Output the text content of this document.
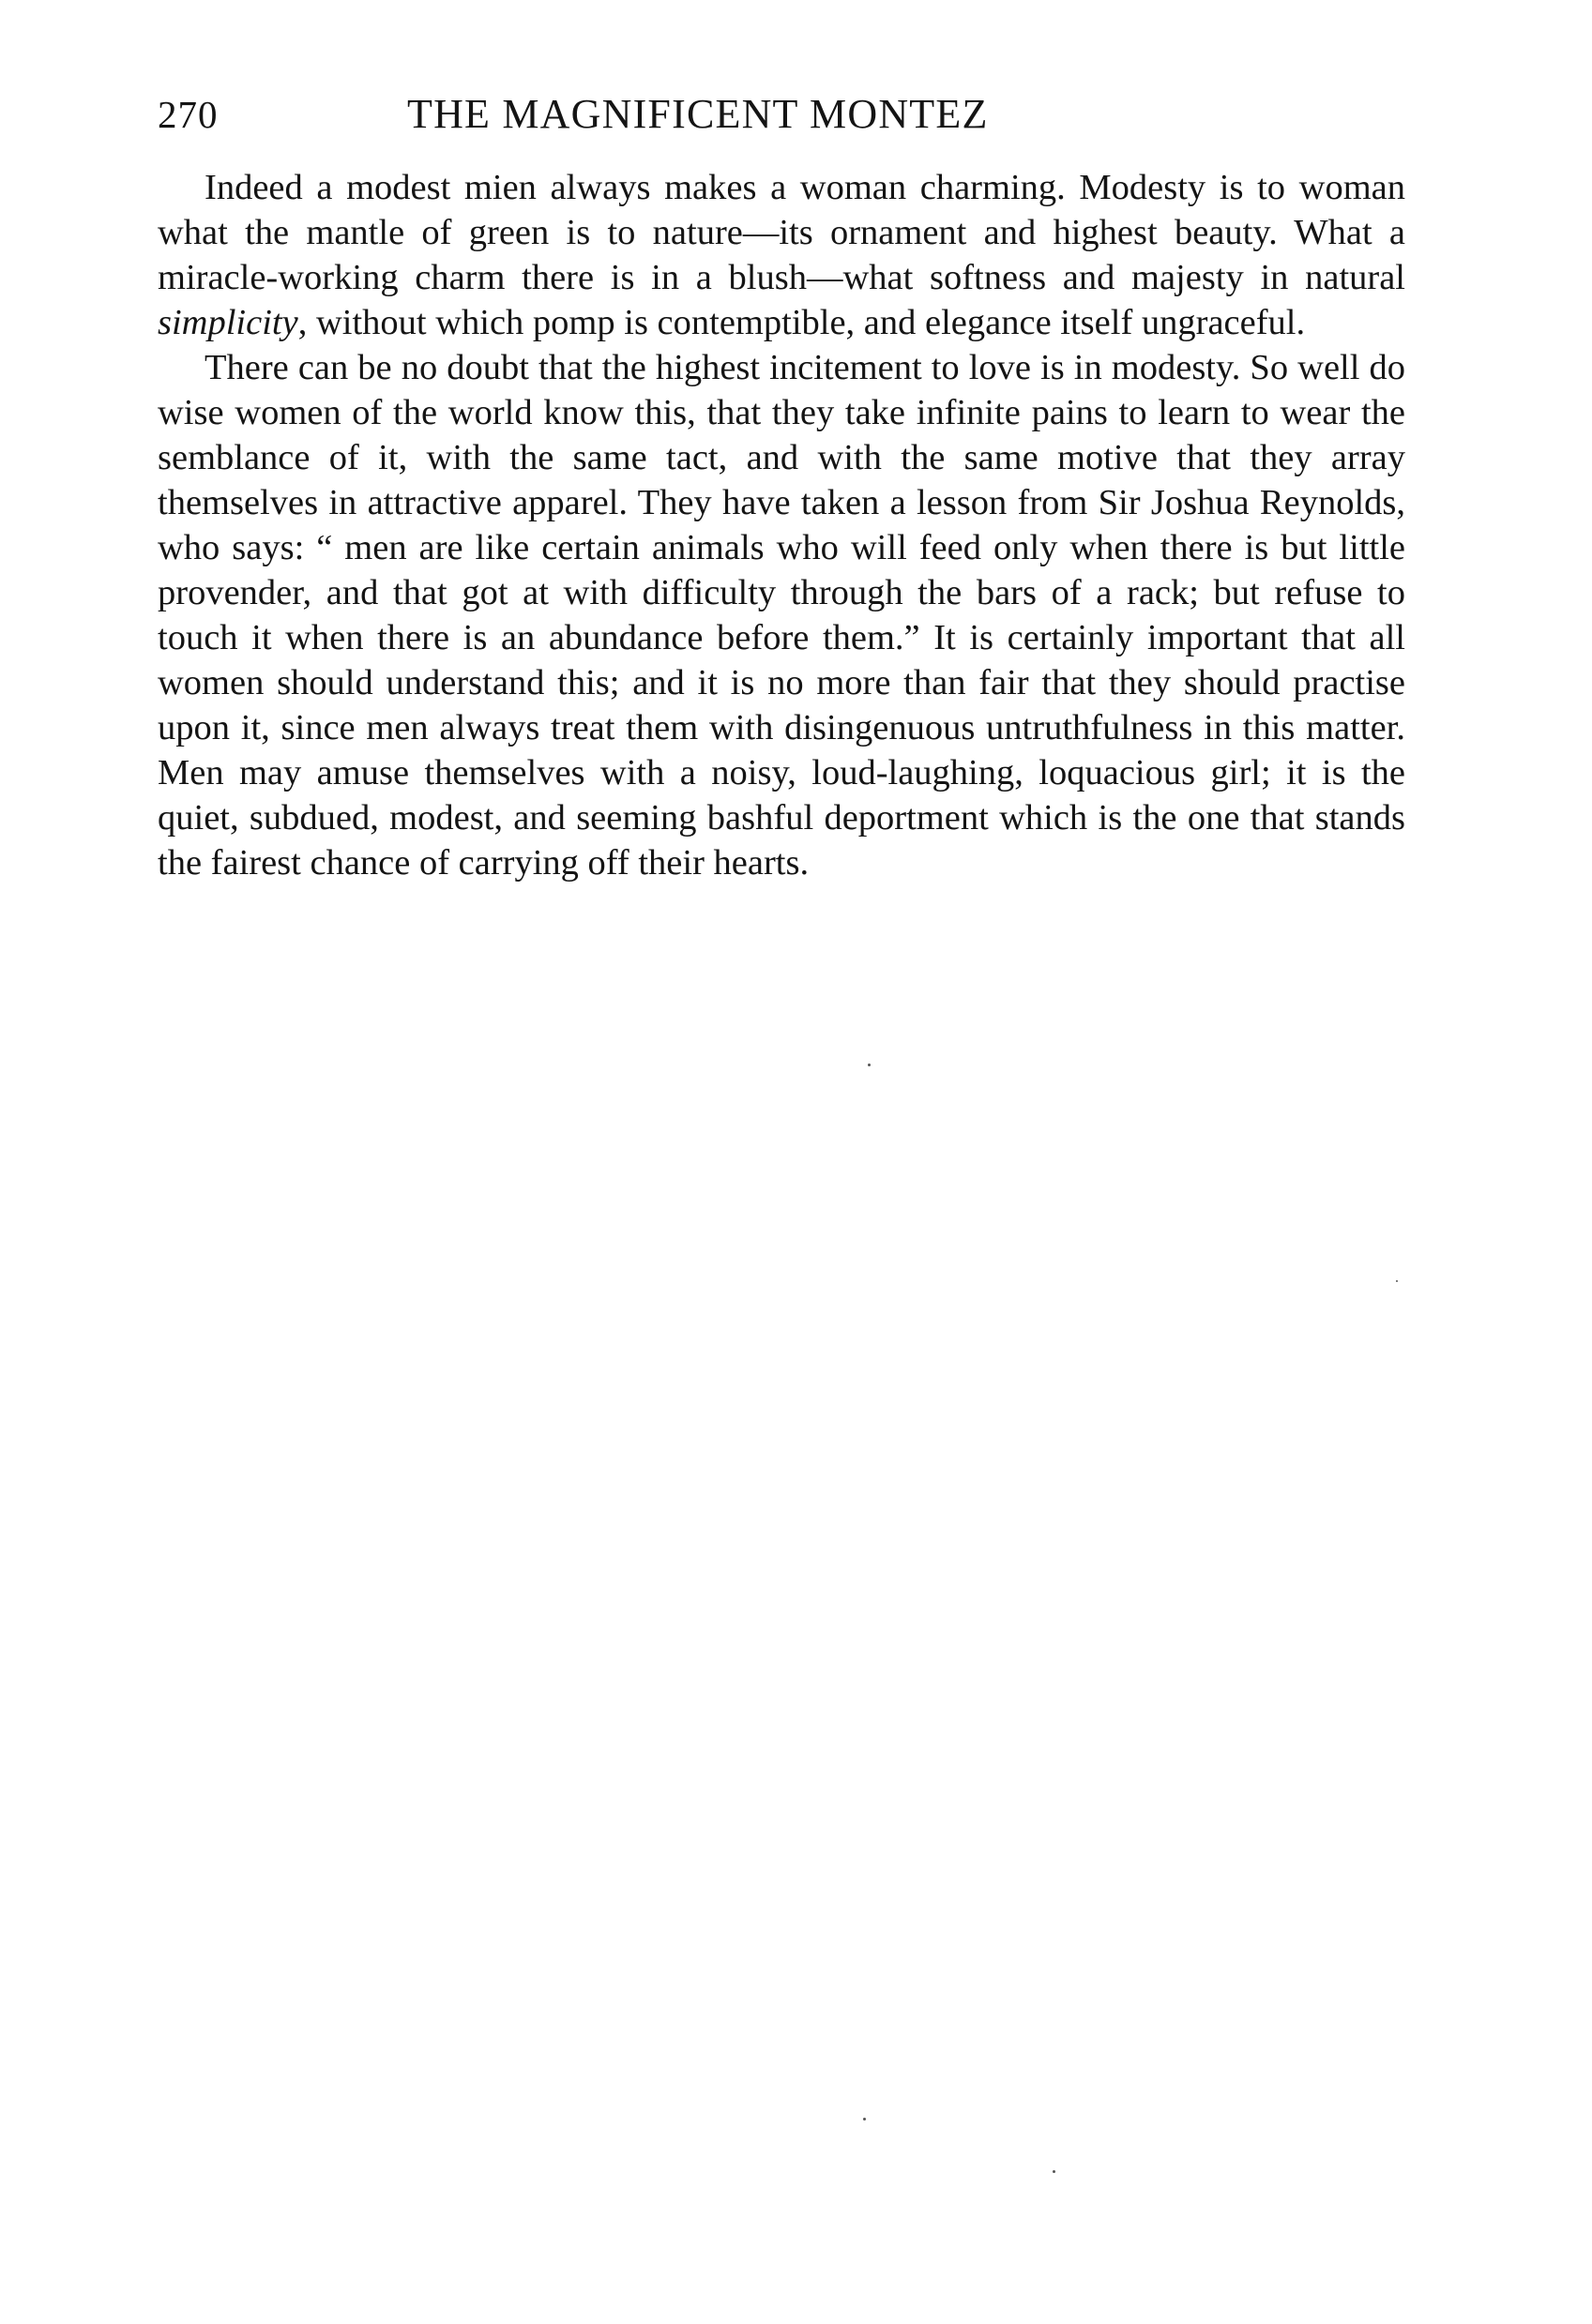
270	THE MAGNIFICENT MONTEZ

Indeed a modest mien always makes a woman charming. Modesty is to woman what the mantle of green is to nature—its ornament and highest beauty. What a miracle-working charm there is in a blush—what softness and majesty in natural simplicity, without which pomp is contemptible, and elegance itself ungraceful.

There can be no doubt that the highest incitement to love is in modesty. So well do wise women of the world know this, that they take infinite pains to learn to wear the semblance of it, with the same tact, and with the same motive that they array themselves in attractive apparel. They have taken a lesson from Sir Joshua Reynolds, who says: “ men are like certain animals who will feed only when there is but little provender, and that got at with difficulty through the bars of a rack; but refuse to touch it when there is an abundance before them.” It is certainly important that all women should understand this; and it is no more than fair that they should practise upon it, since men always treat them with disingenuous untruthfulness in this matter. Men may amuse themselves with a noisy, loud-laughing, loquacious girl; it is the quiet, subdued, modest, and seeming bashful deportment which is the one that stands the fairest chance of carrying off their hearts.
